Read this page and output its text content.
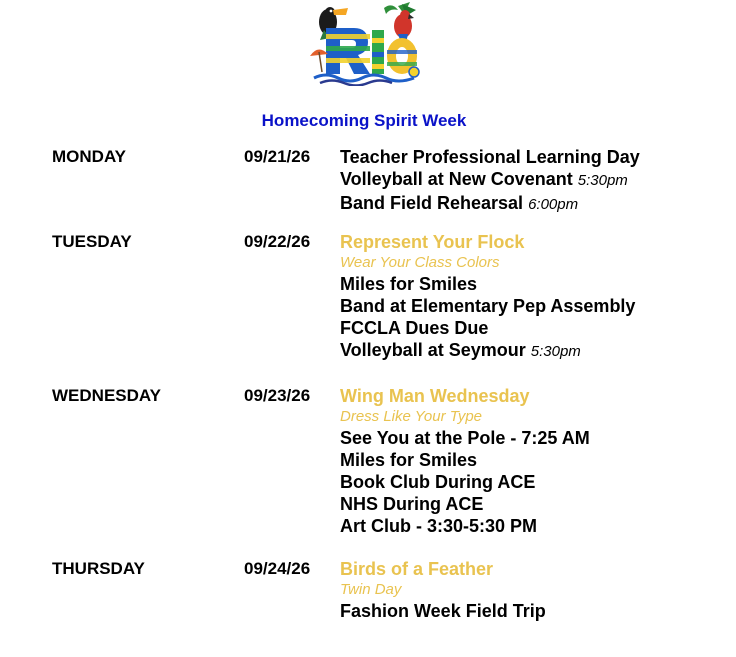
Homecoming Spirit Week
MONDAY	09/21/26 Teacher Professional Learning Day
Volleyball at New Covenant 5:30pm
Band Field Rehearsal 6:00pm
TUESDAY	09/22/26 Represent Your Flock
Wear Your Class Colors
Miles for Smiles
Band at Elementary Pep Assembly
FCCLA Dues Due
Volleyball at Seymour 5:30pm
WEDNESDAY	09/23/26 Wing Man Wednesday
Dress Like Your Type
See You at the Pole - 7:25 AM
Miles for Smiles
Book Club During ACE
NHS During ACE
Art Club - 3:30-5:30 PM
THURSDAY	09/24/26 Birds of a Feather
Twin Day
Fashion Week Field Trip
